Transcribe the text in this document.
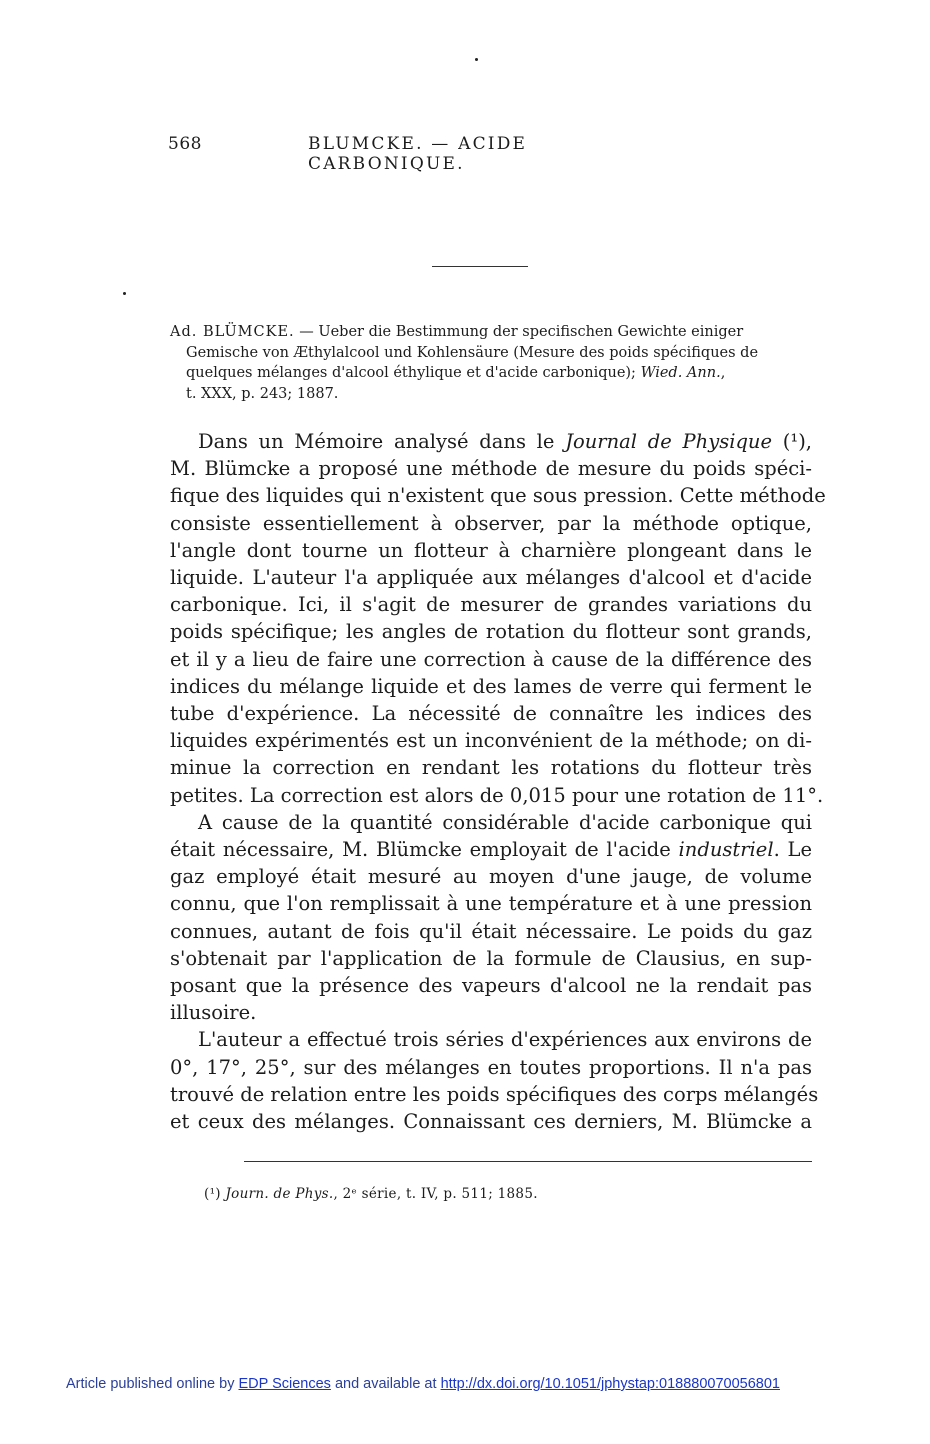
568	BLUMCKE. — ACIDE CARBONIQUE.
Ad. BLÜMCKE. — Ueber die Bestimmung der specifischen Gewichte einiger
Gemische von Æthylalcool und Kohlensäure (Mesure des poids spécifiques de
quelques mélanges d'alcool éthylique et d'acide carbonique); Wied. Ann.,
t. XXX, p. 243; 1887.
Dans un Mémoire analysé dans le Journal de Physique (¹),
M. Blümcke a proposé une méthode de mesure du poids spéci-
fique des liquides qui n'existent que sous pression. Cette méthode
consiste essentiellement à observer, par la méthode optique,
l'angle dont tourne un flotteur à charnière plongeant dans le
liquide. L'auteur l'a appliquée aux mélanges d'alcool et d'acide
carbonique. Ici, il s'agit de mesurer de grandes variations du
poids spécifique; les angles de rotation du flotteur sont grands,
et il y a lieu de faire une correction à cause de la différence des
indices du mélange liquide et des lames de verre qui ferment le
tube d'expérience. La nécessité de connaître les indices des
liquides expérimentés est un inconvénient de la méthode; on di-
minue la correction en rendant les rotations du flotteur très
petites. La correction est alors de 0,015 pour une rotation de 11°.
A cause de la quantité considérable d'acide carbonique qui
était nécessaire, M. Blümcke employait de l'acide industriel. Le
gaz employé était mesuré au moyen d'une jauge, de volume
connu, que l'on remplissait à une température et à une pression
connues, autant de fois qu'il était nécessaire. Le poids du gaz
s'obtenait par l'application de la formule de Clausius, en sup-
posant que la présence des vapeurs d'alcool ne la rendait pas
illusoire.
L'auteur a effectué trois séries d'expériences aux environs de
0°, 17°, 25°, sur des mélanges en toutes proportions. Il n'a pas
trouvé de relation entre les poids spécifiques des corps mélangés
et ceux des mélanges. Connaissant ces derniers, M. Blümcke a
(¹) Journ. de Phys., 2ᵉ série, t. IV, p. 511; 1885.
Article published online by EDP Sciences and available at http://dx.doi.org/10.1051/jphystap:018880070056801
